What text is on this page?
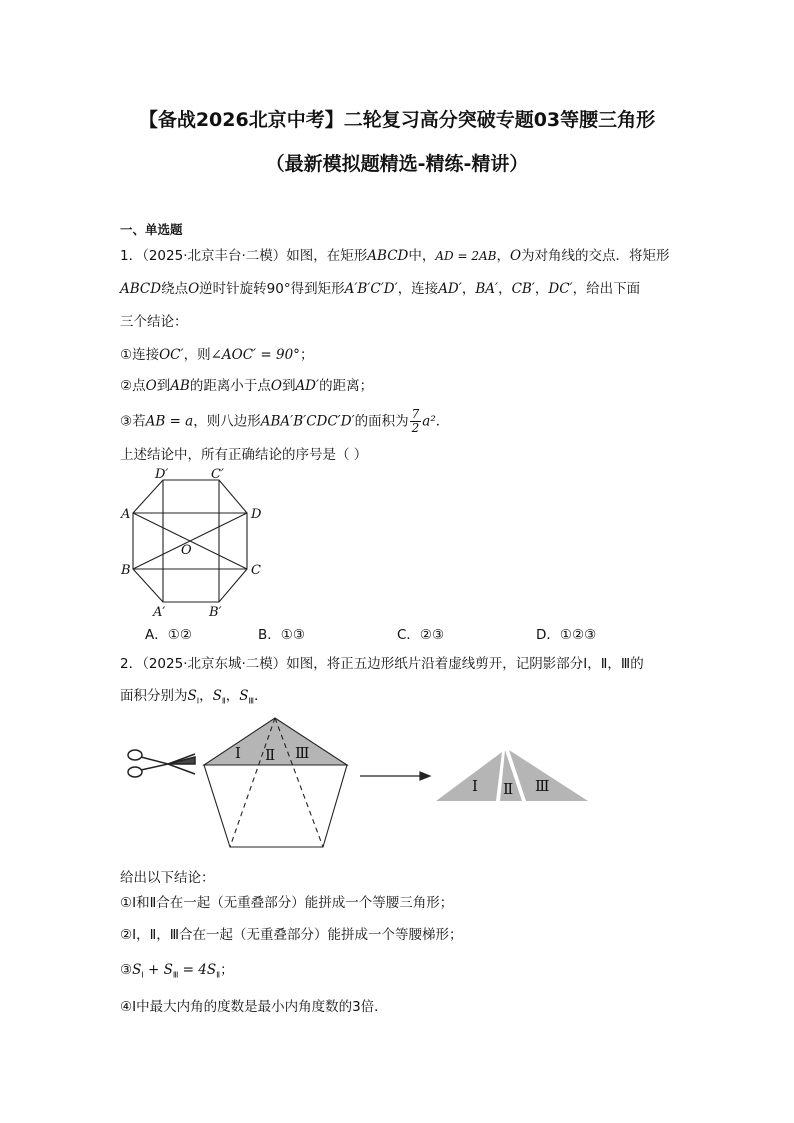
【备战2026北京中考】二轮复习高分突破专题03等腰三角形
（最新模拟题精选-精练-精讲）
一、单选题
1．（2025·北京丰台·二模）如图，在矩形ABCD中，AD = 2AB，O为对角线的交点．将矩形
ABCD绕点O逆时针旋转90°得到矩形A′B′C′D′，连接AD′，BA′，CB′，DC′，给出下面
三个结论：
①连接OC′，则∠AOC′ = 90°；
②点O到AB的距离小于点O到AD′的距离；
③若AB = a，则八边形ABA′B′CDC′D′的面积为 $\frac{7}{2} a^2$．
上述结论中，所有正确结论的序号是（ ）
A
B	C
D
O
A′	B′
C′
D′
A．①②	B．①③	C．②③	D．①②③
2．（2025·北京东城·二模）如图，将正五边形纸片沿着虚线剪开，记阴影部分Ⅰ，Ⅱ，Ⅲ的
面积分别为$S_Ⅰ$，$S_Ⅱ$，$S_Ⅲ$．
Ⅰ Ⅱ Ⅲ
Ⅰ Ⅱ Ⅲ
给出以下结论：
①Ⅰ和Ⅱ合在一起（无重叠部分）能拼成一个等腰三角形；
②Ⅰ，Ⅱ，Ⅲ合在一起（无重叠部分）能拼成一个等腰梯形；
$③S_Ⅰ + S_Ⅲ = 4S_Ⅱ$；
④Ⅰ中最大内角的度数是最小内角度数的3倍．
